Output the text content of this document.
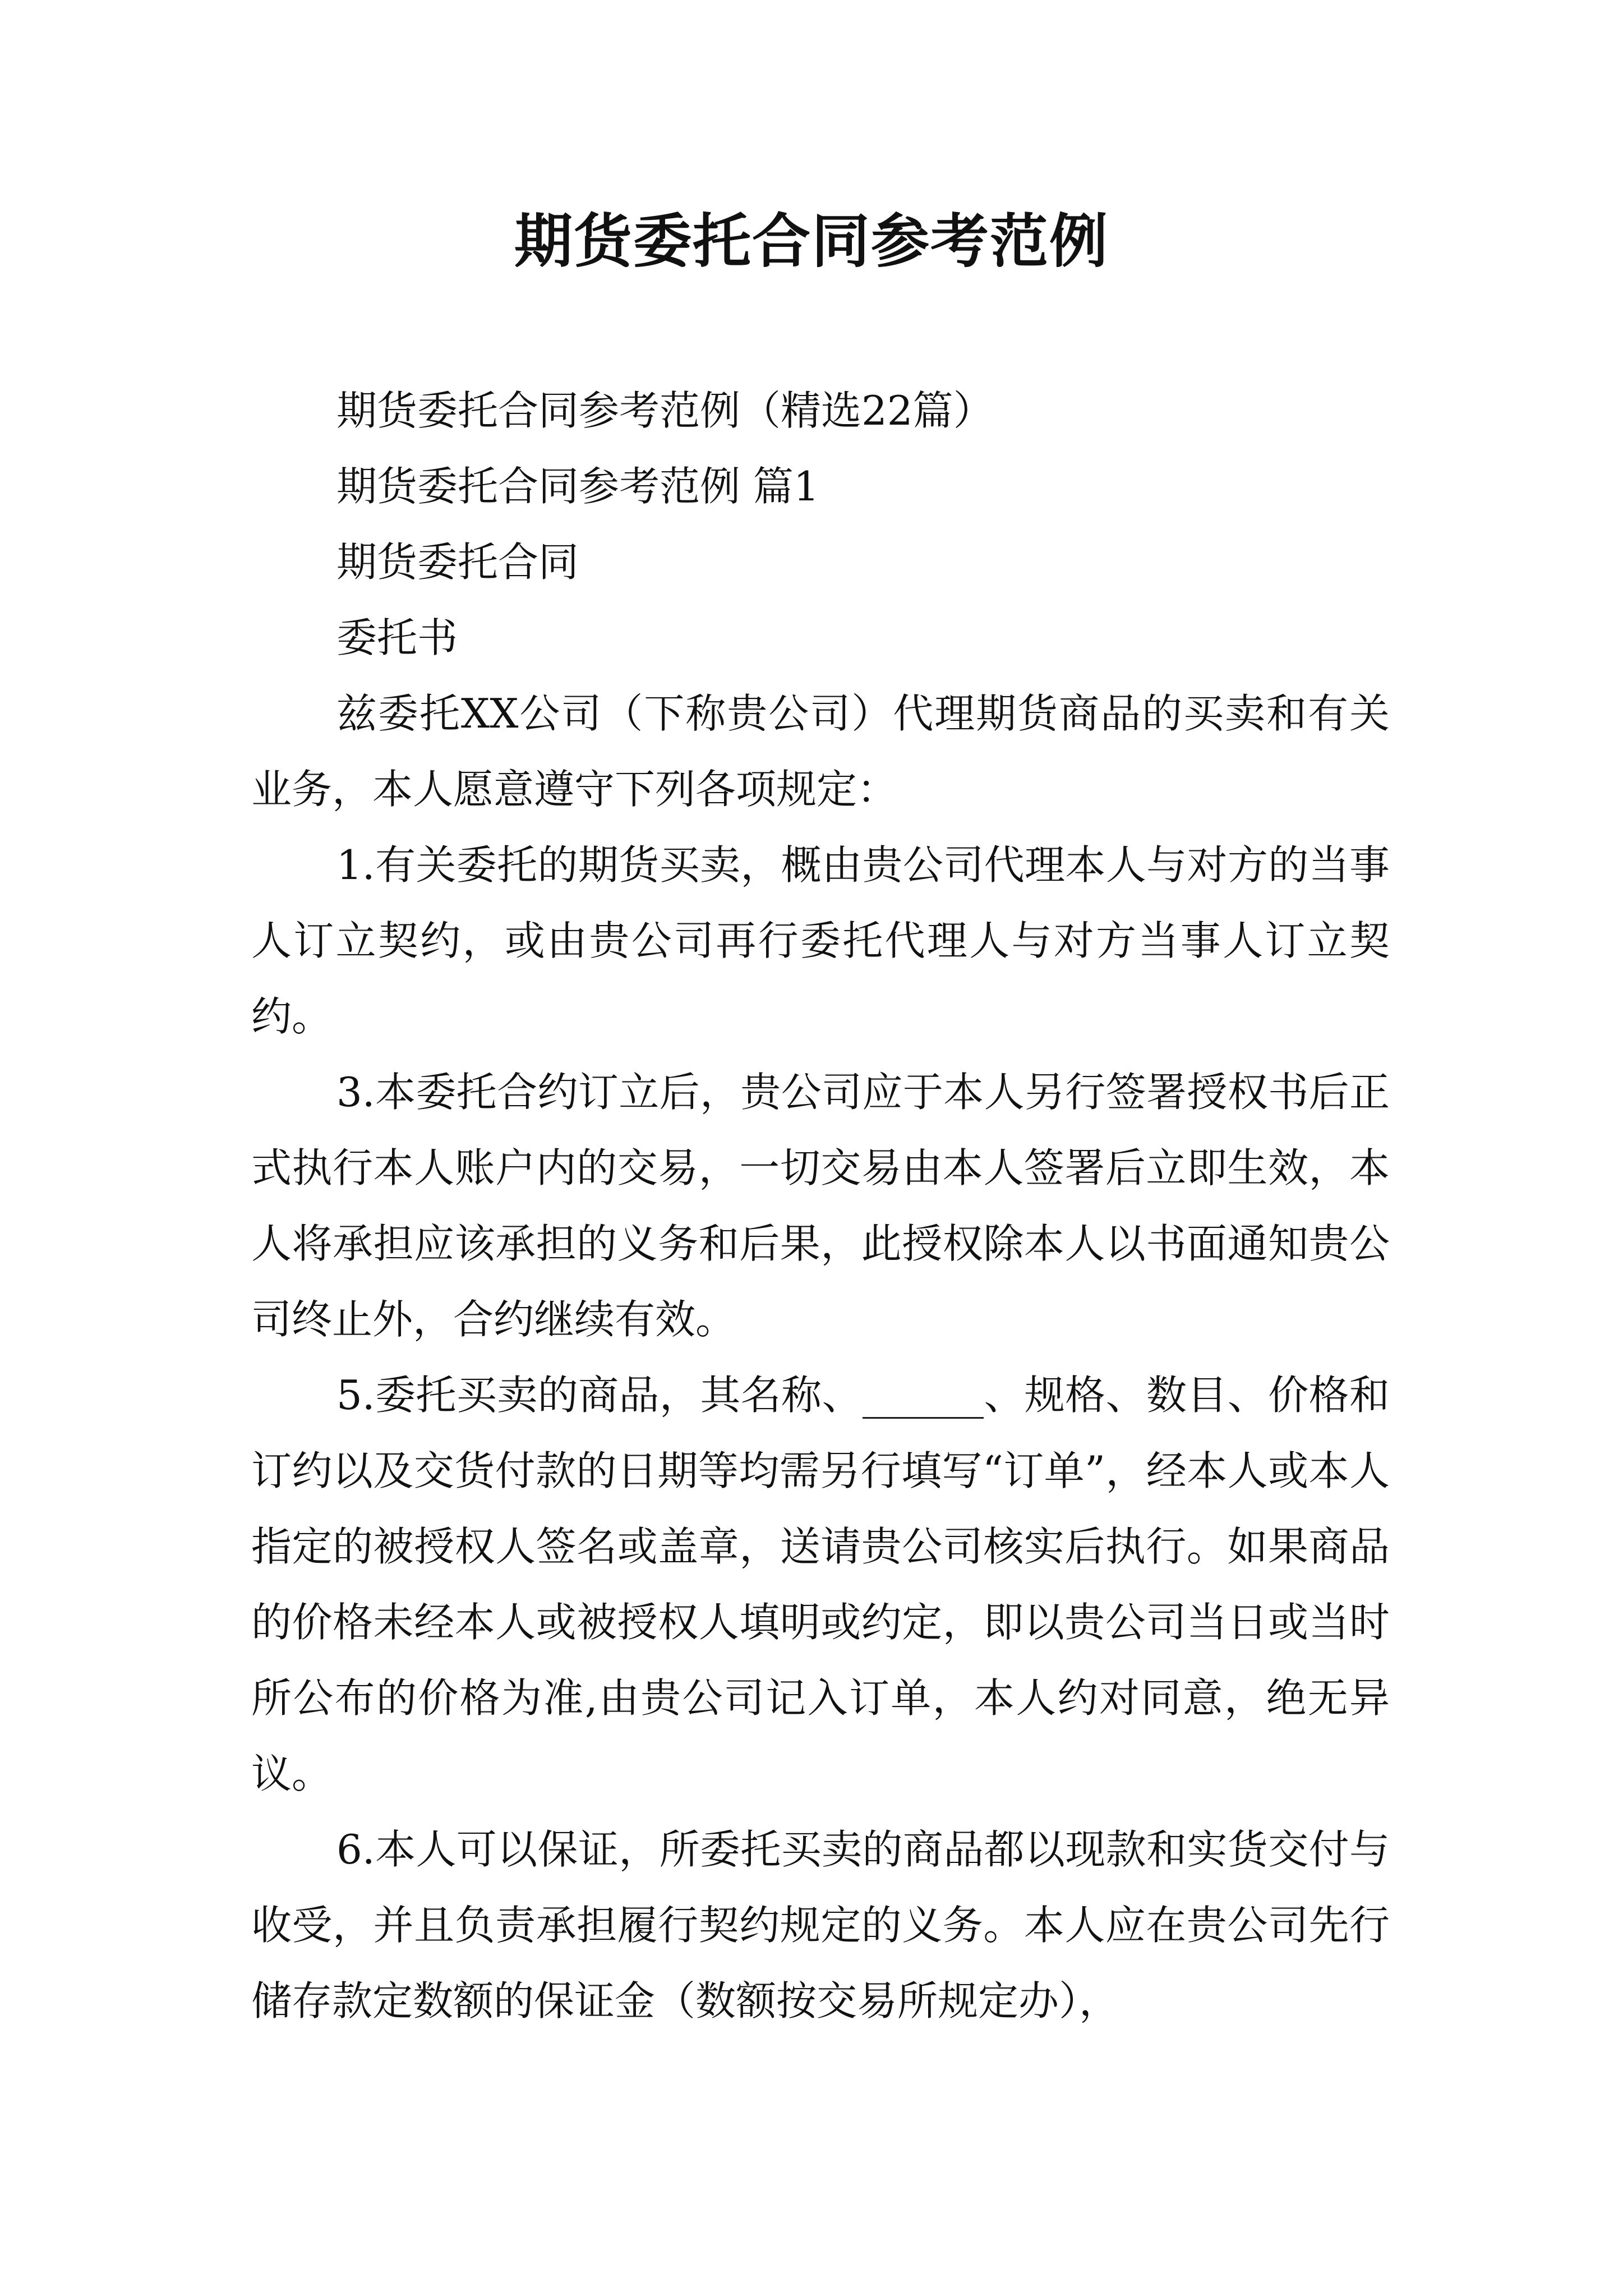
期货委托合同参考范例

期货委托合同参考范例（精选22篇）

期货委托合同参考范例 篇1

期货委托合同

委托书

兹委托XX公司（下称贵公司）代理期货商品的买卖和有关业务，本人愿意遵守下列各项规定：

1.有关委托的期货买卖，概由贵公司代理本人与对方的当事人订立契约，或由贵公司再行委托代理人与对方当事人订立契约。

3.本委托合约订立后，贵公司应于本人另行签署授权书后正式执行本人账户内的交易，一切交易由本人签署后立即生效，本人将承担应该承担的义务和后果，此授权除本人以书面通知贵公司终止外，合约继续有效。

5.委托买卖的商品，其名称、______、规格、数目、价格和订约以及交货付款的日期等均需另行填写“订单”，经本人或本人指定的被授权人签名或盖章，送请贵公司核实后执行。如果商品的价格未经本人或被授权人填明或约定，即以贵公司当日或当时所公布的价格为准,由贵公司记入订单，本人约对同意，绝无异议。

6.本人可以保证，所委托买卖的商品都以现款和实货交付与收受，并且负责承担履行契约规定的义务。本人应在贵公司先行储存款定数额的保证金（数额按交易所规定办），
